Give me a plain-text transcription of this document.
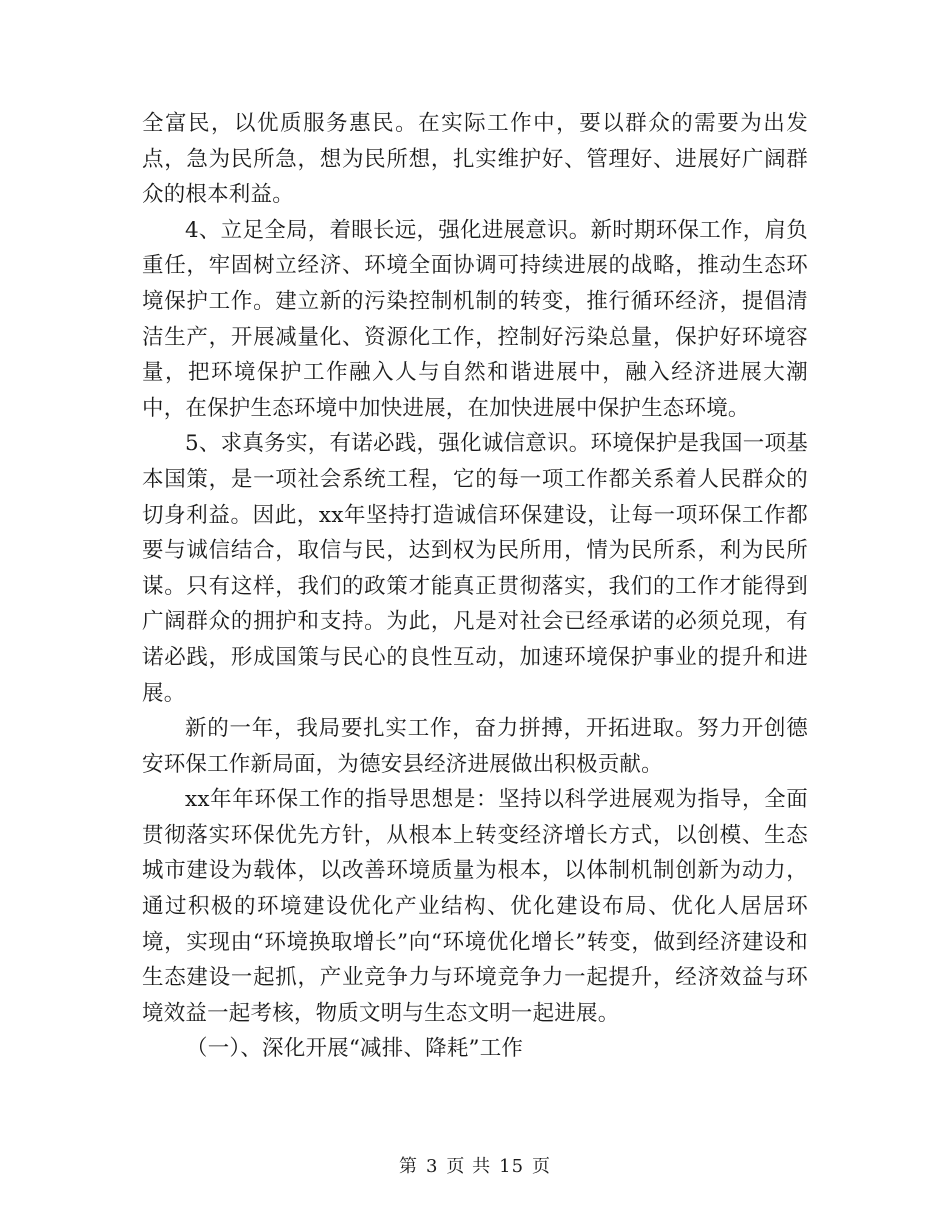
全富民，以优质服务惠民。在实际工作中，要以群众的需要为出发点，急为民所急，想为民所想，扎实维护好、管理好、进展好广阔群众的根本利益。

4、立足全局，着眼长远，强化进展意识。新时期环保工作，肩负重任，牢固树立经济、环境全面协调可持续进展的战略，推动生态环境保护工作。建立新的污染控制机制的转变，推行循环经济，提倡清洁生产，开展减量化、资源化工作，控制好污染总量，保护好环境容量，把环境保护工作融入人与自然和谐进展中，融入经济进展大潮中，在保护生态环境中加快进展，在加快进展中保护生态环境。

5、求真务实，有诺必践，强化诚信意识。环境保护是我国一项基本国策，是一项社会系统工程，它的每一项工作都关系着人民群众的切身利益。因此，xx年坚持打造诚信环保建设，让每一项环保工作都要与诚信结合，取信与民，达到权为民所用，情为民所系，利为民所谋。只有这样，我们的政策才能真正贯彻落实，我们的工作才能得到广阔群众的拥护和支持。为此，凡是对社会已经承诺的必须兑现，有诺必践，形成国策与民心的良性互动，加速环境保护事业的提升和进展。

新的一年，我局要扎实工作，奋力拼搏，开拓进取。努力开创德安环保工作新局面，为德安县经济进展做出积极贡献。

xx年年环保工作的指导思想是：坚持以科学进展观为指导，全面贯彻落实环保优先方针，从根本上转变经济增长方式，以创模、生态城市建设为载体，以改善环境质量为根本，以体制机制创新为动力，通过积极的环境建设优化产业结构、优化建设布局、优化人居居环境，实现由“环境换取增长”向“环境优化增长”转变，做到经济建设和生态建设一起抓，产业竞争力与环境竞争力一起提升，经济效益与环境效益一起考核，物质文明与生态文明一起进展。

（一）、深化开展“减排、降耗”工作

第 3 页 共 15 页
